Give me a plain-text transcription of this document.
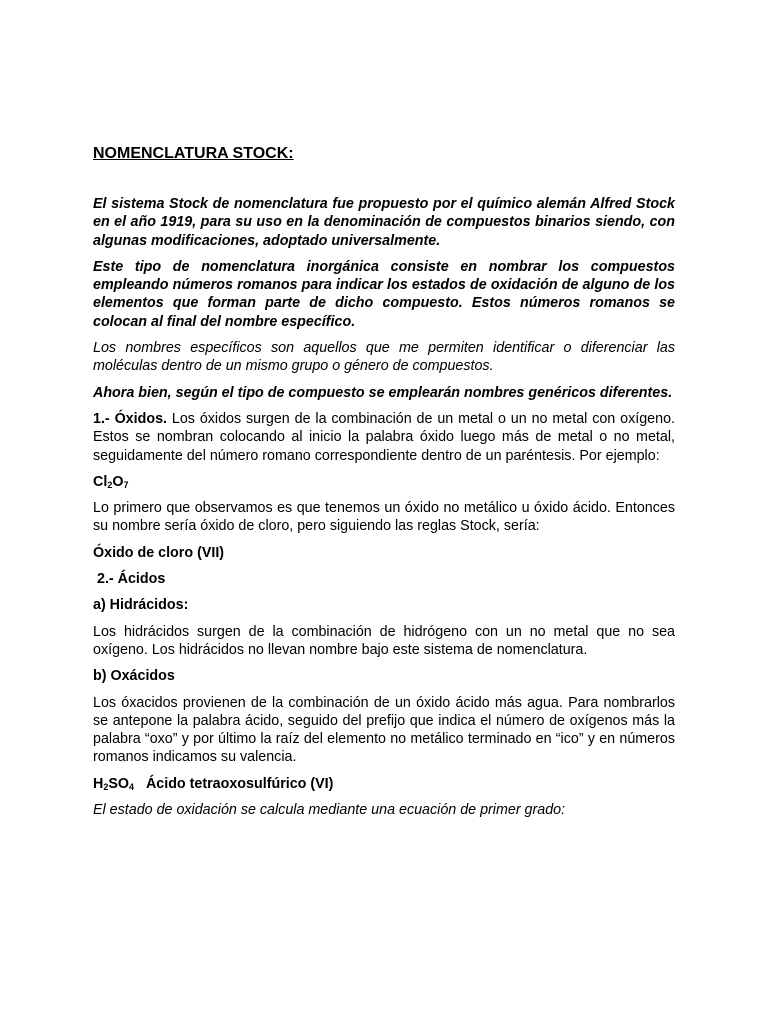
NOMENCLATURA STOCK:

El sistema Stock de nomenclatura fue propuesto por el químico alemán Alfred Stock en el año 1919, para su uso en la denominación de compuestos binarios siendo, con algunas modificaciones, adoptado universalmente.

Este tipo de nomenclatura inorgánica consiste en nombrar los compuestos empleando números romanos para indicar los estados de oxidación de alguno de los elementos que forman parte de dicho compuesto. Estos números romanos se colocan al final del nombre específico.

Los nombres específicos son aquellos que me permiten identificar o diferenciar las moléculas dentro de un mismo grupo o género de compuestos.

Ahora bien, según el tipo de compuesto se emplearán nombres genéricos diferentes.

1.- Óxidos. Los óxidos surgen de la combinación de un metal o un no metal con oxígeno. Estos se nombran colocando al inicio la palabra óxido luego más de metal o no metal, seguidamente del número romano correspondiente dentro de un paréntesis. Por ejemplo:

$Cl_2O_7$

Lo primero que observamos es que tenemos un óxido no metálico u óxido ácido. Entonces su nombre sería óxido de cloro, pero siguiendo las reglas Stock, sería:

Óxido de cloro (VII)

2.- Ácidos

a) Hidrácidos:

Los hidrácidos surgen de la combinación de hidrógeno con un no metal que no sea oxígeno. Los hidrácidos no llevan nombre bajo este sistema de nomenclatura.

b) Oxácidos

Los óxacidos provienen de la combinación de un óxido ácido más agua. Para nombrarlos se antepone la palabra ácido, seguido del prefijo que indica el número de oxígenos más la palabra “oxo” y por último la raíz del elemento no metálico terminado en “ico” y en números romanos indicamos su valencia.

$H_2SO_4$ Ácido tetraoxosulfúrico (VI)

El estado de oxidación se calcula mediante una ecuación de primer grado:
